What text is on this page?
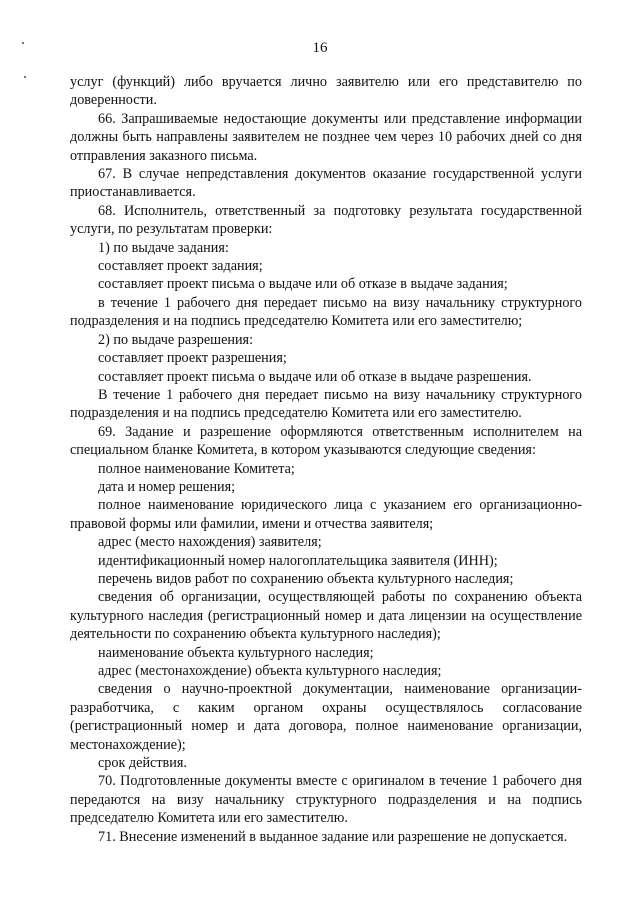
16

услуг (функций) либо вручается лично заявителю или его представителю по доверенности.

66. Запрашиваемые недостающие документы или представление информации должны быть направлены заявителем не позднее чем через 10 рабочих дней со дня отправления заказного письма.

67. В случае непредставления документов оказание государственной услуги приостанавливается.

68. Исполнитель, ответственный за подготовку результата государственной услуги, по результатам проверки:

1) по выдаче задания:

составляет проект задания;

составляет проект письма о выдаче или об отказе в выдаче задания;

в течение 1 рабочего дня передает письмо на визу начальнику структурного подразделения и на подпись председателю Комитета или его заместителю;

2) по выдаче разрешения:

составляет проект разрешения;

составляет проект письма о выдаче или об отказе в выдаче разрешения.

В течение 1 рабочего дня передает письмо на визу начальнику структурного подразделения и на подпись председателю Комитета или его заместителю.

69. Задание и разрешение оформляются ответственным исполнителем на специальном бланке Комитета, в котором указываются следующие сведения:

полное наименование Комитета;

дата и номер решения;

полное наименование юридического лица с указанием его организационно-правовой формы или фамилии, имени и отчества заявителя;

адрес (место нахождения) заявителя;

идентификационный номер налогоплательщика заявителя (ИНН);

перечень видов работ по сохранению объекта культурного наследия;

сведения об организации, осуществляющей работы по сохранению объекта культурного наследия (регистрационный номер и дата лицензии на осуществление деятельности по сохранению объекта культурного наследия);

наименование объекта культурного наследия;

адрес (местонахождение) объекта культурного наследия;

сведения о научно-проектной документации, наименование организации-разработчика, с каким органом охраны осуществлялось согласование (регистрационный номер и дата договора, полное наименование организации, местонахождение);

срок действия.

70. Подготовленные документы вместе с оригиналом в течение 1 рабочего дня передаются на визу начальнику структурного подразделения и на подпись председателю Комитета или его заместителю.

71. Внесение изменений в выданное задание или разрешение не допускается.
